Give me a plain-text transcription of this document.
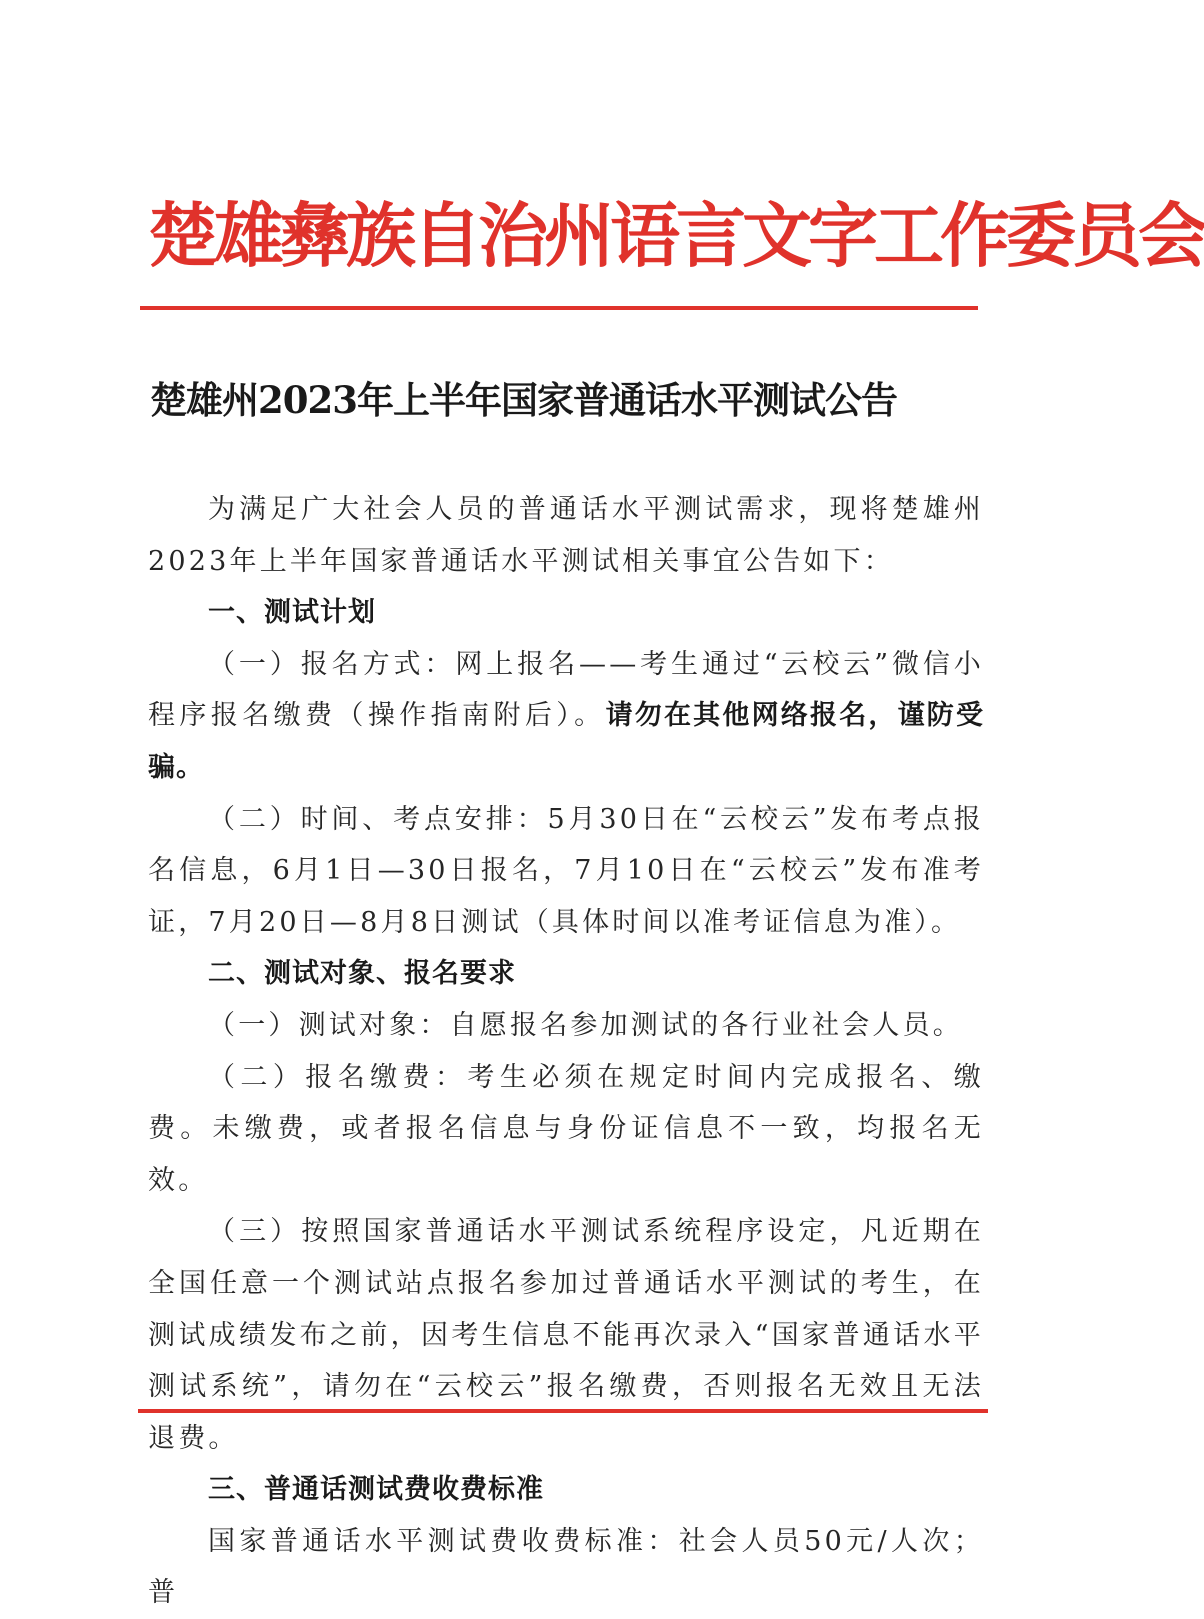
楚雄彝族自治州语言文字工作委员会
楚雄州2023年上半年国家普通话水平测试公告

为满足广大社会人员的普通话水平测试需求，现将楚雄州2023年上半年国家普通话水平测试相关事宜公告如下：

一、测试计划

（一）报名方式：网上报名——考生通过“云校云”微信小程序报名缴费（操作指南附后）。请勿在其他网络报名，谨防受骗。

（二）时间、考点安排：5月30日在“云校云”发布考点报名信息，6月1日—30日报名，7月10日在“云校云”发布准考证，7月20日—8月8日测试（具体时间以准考证信息为准）。

二、测试对象、报名要求

（一）测试对象：自愿报名参加测试的各行业社会人员。

（二）报名缴费：考生必须在规定时间内完成报名、缴费。未缴费，或者报名信息与身份证信息不一致，均报名无效。

（三）按照国家普通话水平测试系统程序设定，凡近期在全国任意一个测试站点报名参加过普通话水平测试的考生，在测试成绩发布之前，因考生信息不能再次录入“国家普通话水平测试系统”，请勿在“云校云”报名缴费，否则报名无效且无法退费。

三、普通话测试费收费标准

国家普通话水平测试费收费标准：社会人员50元/人次；普
